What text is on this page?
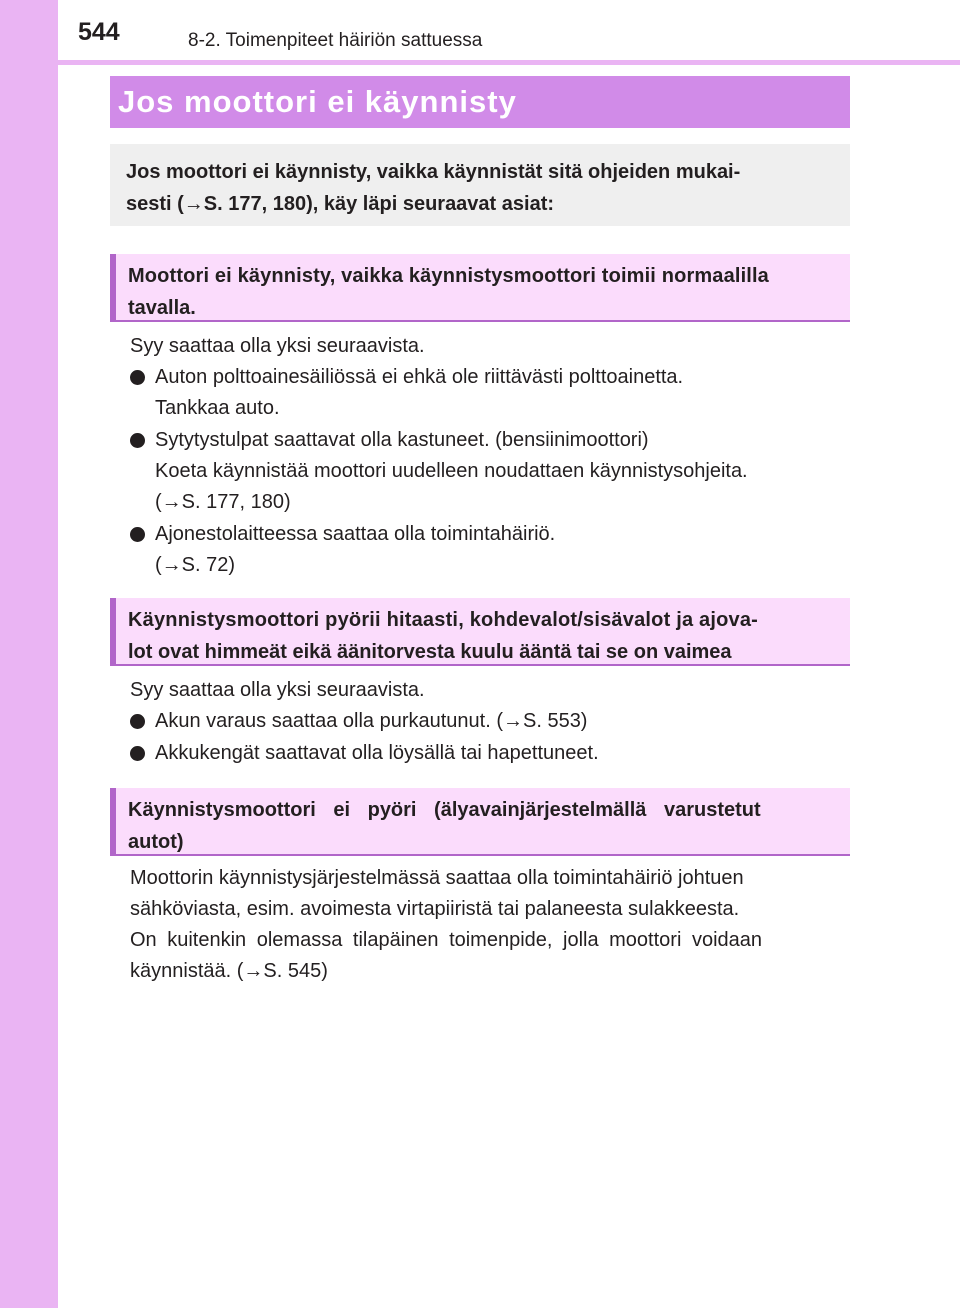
544	8-2. Toimenpiteet häiriön sattuessa
Jos moottori ei käynnisty
Jos moottori ei käynnisty, vaikka käynnistät sitä ohjeiden mukai-
sesti (→S. 177, 180), käy läpi seuraavat asiat:
Moottori ei käynnisty, vaikka käynnistysmoottori toimii normaalilla
tavalla.
Syy saattaa olla yksi seuraavista.
Auton polttoainesäiliössä ei ehkä ole riittävästi polttoainetta.
Tankkaa auto.
Sytytystulpat saattavat olla kastuneet. (bensiinimoottori)
Koeta käynnistää moottori uudelleen noudattaen käynnistysohjeita.
(→S. 177, 180)
Ajonestolaitteessa saattaa olla toimintahäiriö.
(→S. 72)
Käynnistysmoottori pyörii hitaasti, kohdevalot/sisävalot ja ajova-
lot ovat himmeät eikä äänitorvesta kuulu ääntä tai se on vaimea
Syy saattaa olla yksi seuraavista.
Akun varaus saattaa olla purkautunut. (→S. 553)
Akkukengät saattavat olla löysällä tai hapettuneet.
Käynnistysmoottori ei pyöri (älyavainjärjestelmällä varustetut
autot)
Moottorin käynnistysjärjestelmässä saattaa olla toimintahäiriö johtuen
sähköviasta, esim. avoimesta virtapiiristä tai palaneesta sulakkeesta.
On kuitenkin olemassa tilapäinen toimenpide, jolla moottori voidaan
käynnistää. (→S. 545)
